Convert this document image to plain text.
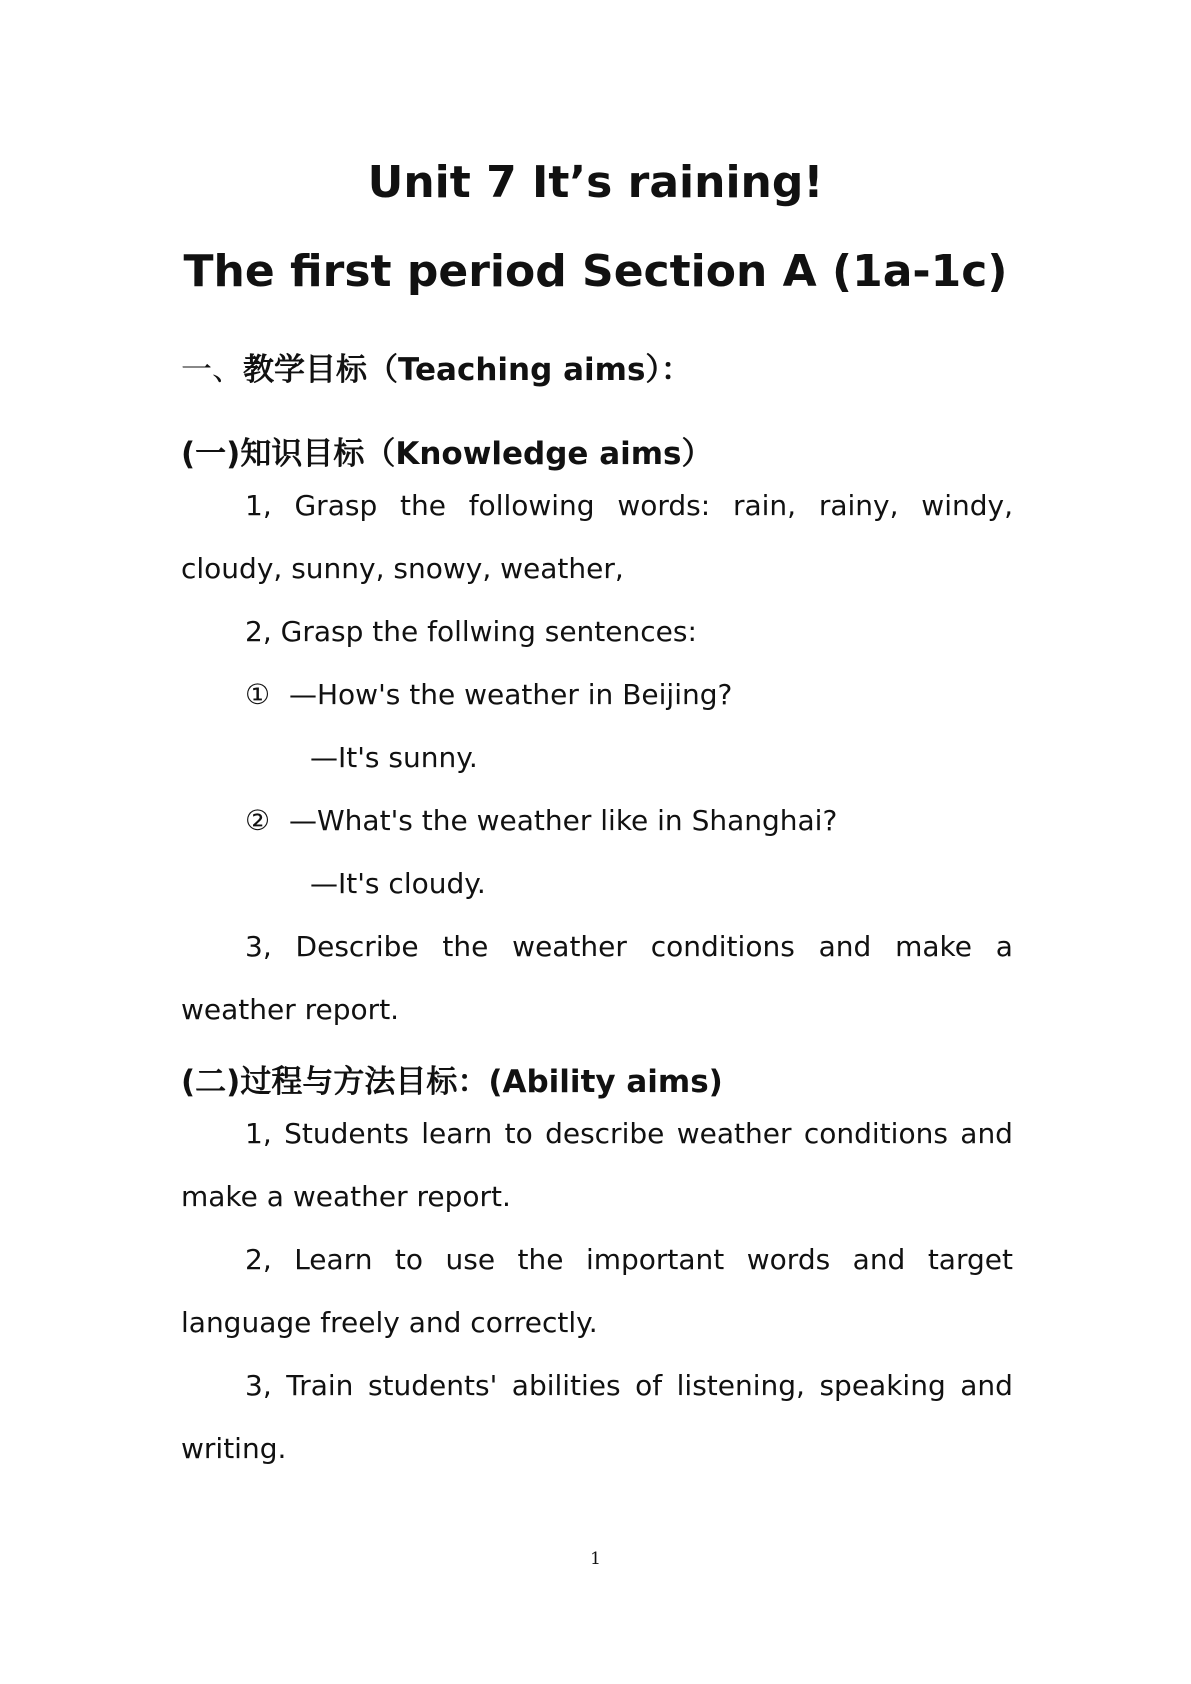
Unit 7 It’s raining!
The first period Section A (1a-1c)
一、教学目标（Teaching aims）：
(一)知识目标（Knowledge aims）
1, Grasp the following words: rain, rainy, windy,
cloudy, sunny, snowy, weather,
2, Grasp the follwing sentences:
① —How's the weather in Beijing?
—It's sunny.
② —What's the weather like in Shanghai?
—It's cloudy.
3, Describe the weather conditions and make a
weather report.
(二)过程与方法目标：(Ability aims)
1, Students learn to describe weather conditions and
make a weather report.
2, Learn to use the important words and target
language freely and correctly.
3, Train students' abilities of listening, speaking and
writing.
1
